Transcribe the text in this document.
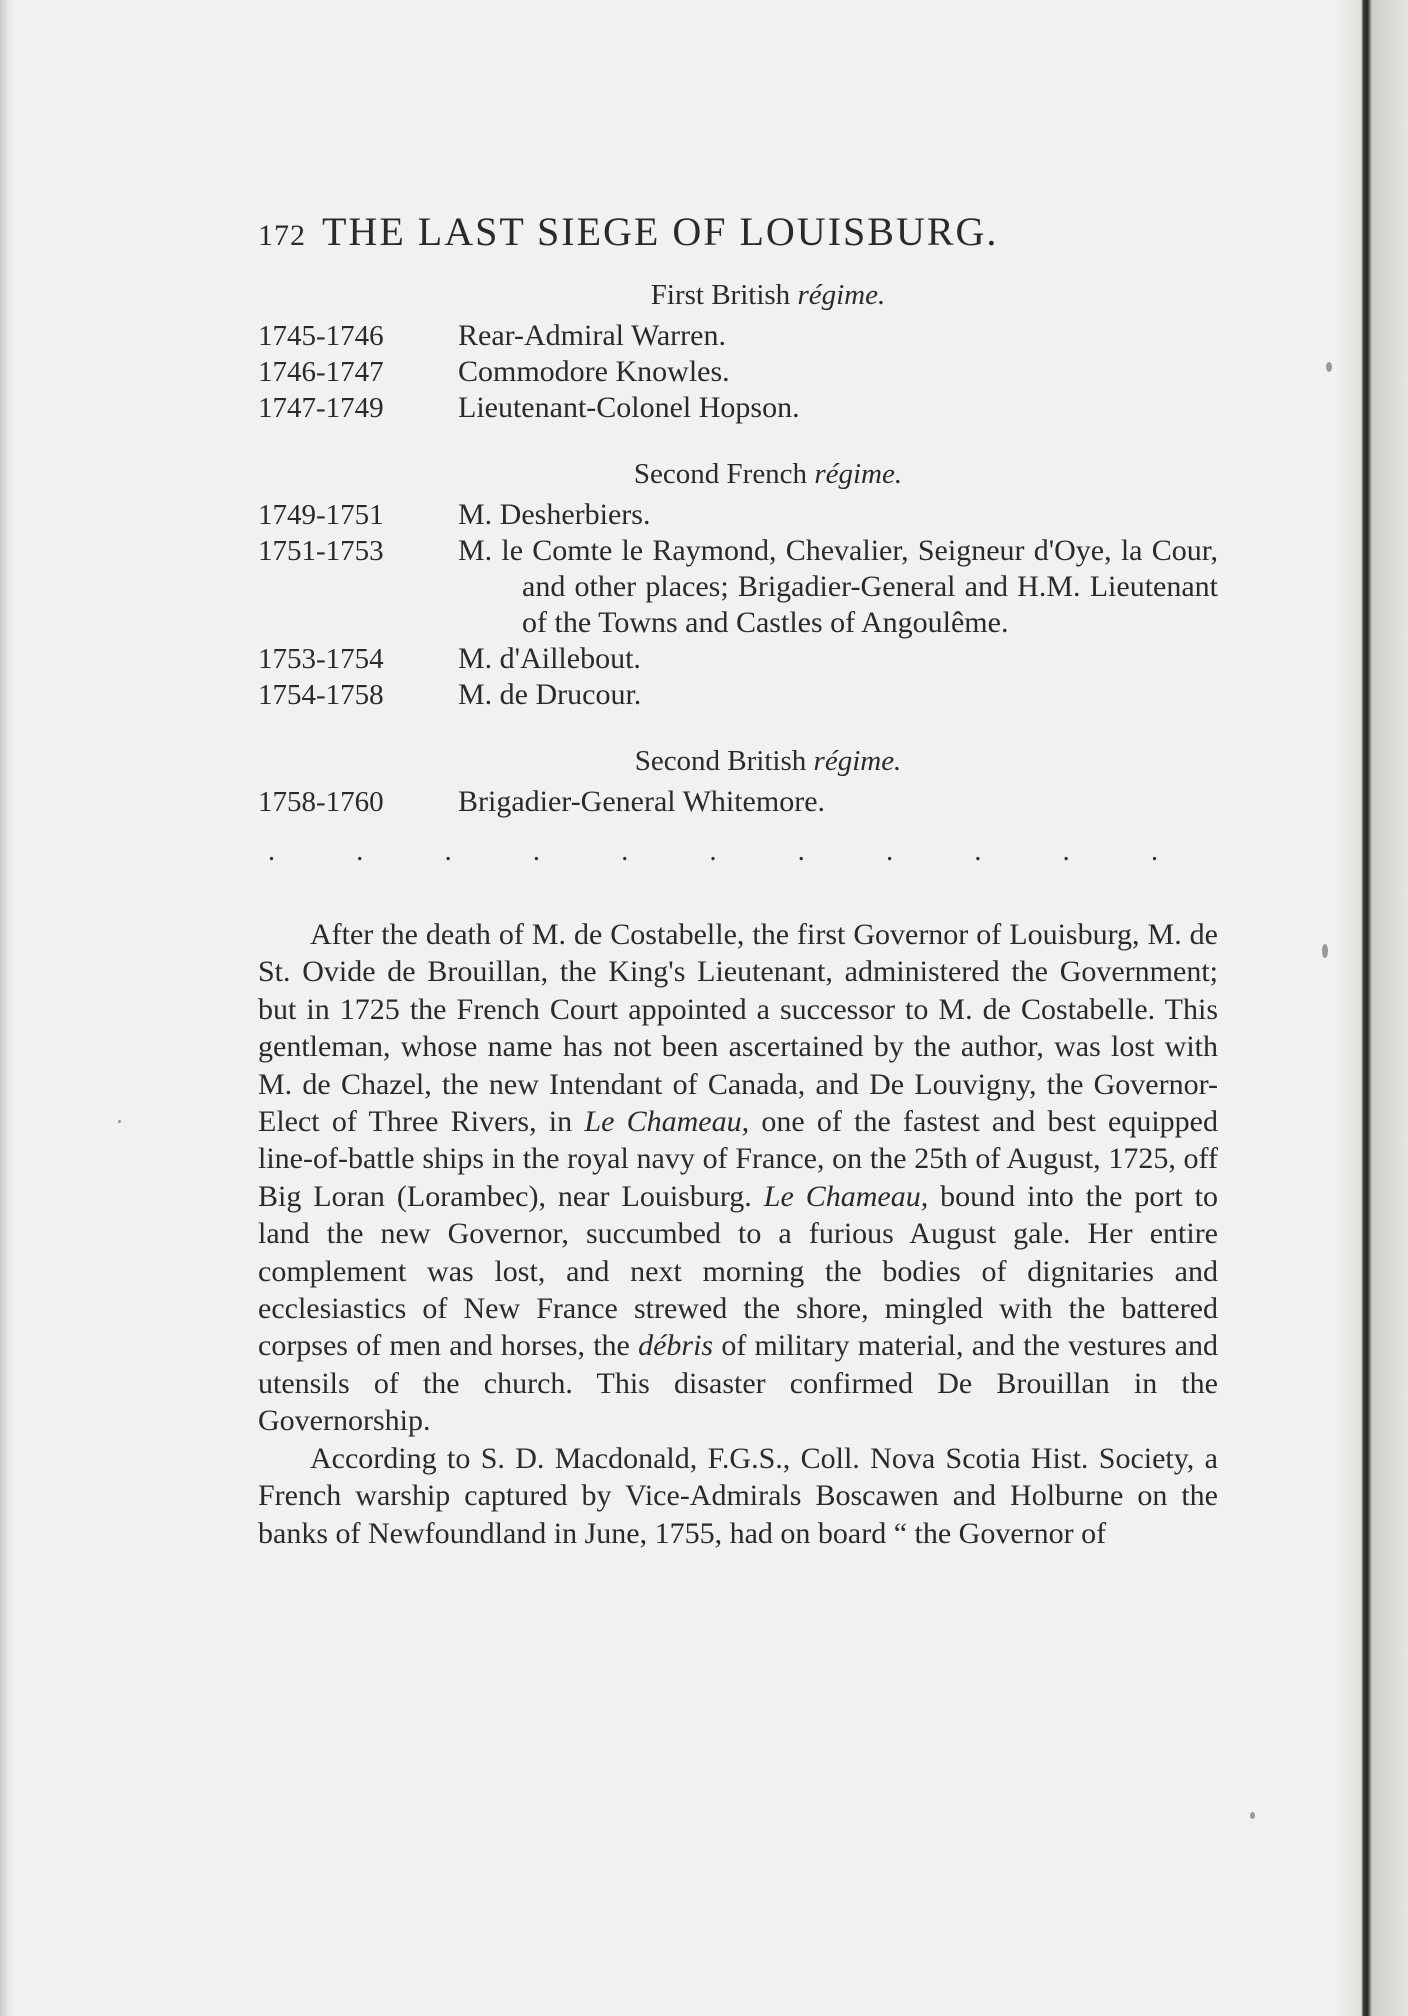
172 THE LAST SIEGE OF LOUISBURG.
First British régime.
1745-1746	Rear-Admiral Warren.
1746-1747	Commodore Knowles.
1747-1749	Lieutenant-Colonel Hopson.
Second French régime.
1749-1751	M. Desherbiers.
1751-1753	M. le Comte le Raymond, Chevalier, Seigneur d'Oye, la Cour, and other places; Brigadier-General and H.M. Lieutenant of the Towns and Castles of Angoulême.
1753-1754	M. d'Aillebout.
1754-1758	M. de Drucour.
Second British régime.
1758-1760	Brigadier-General Whitemore.
.	.	.	.	.	.	.	.	.	.	.

After the death of M. de Costabelle, the first Governor of Louisburg, M. de St. Ovide de Brouillan, the King's Lieutenant, administered the Government; but in 1725 the French Court appointed a successor to M. de Costabelle. This gentleman, whose name has not been ascertained by the author, was lost with M. de Chazel, the new Intendant of Canada, and De Louvigny, the Governor-Elect of Three Rivers, in Le Chameau, one of the fastest and best equipped line-of-battle ships in the royal navy of France, on the 25th of August, 1725, off Big Loran (Lorambec), near Louisburg. Le Chameau, bound into the port to land the new Governor, succumbed to a furious August gale. Her entire complement was lost, and next morning the bodies of dignitaries and ecclesiastics of New France strewed the shore, mingled with the battered corpses of men and horses, the débris of military material, and the vestures and utensils of the church. This disaster confirmed De Brouillan in the Governorship.

According to S. D. Macdonald, F.G.S., Coll. Nova Scotia Hist. Society, a French warship captured by Vice-Admirals Boscawen and Holburne on the banks of Newfoundland in June, 1755, had on board “ the Governor of
